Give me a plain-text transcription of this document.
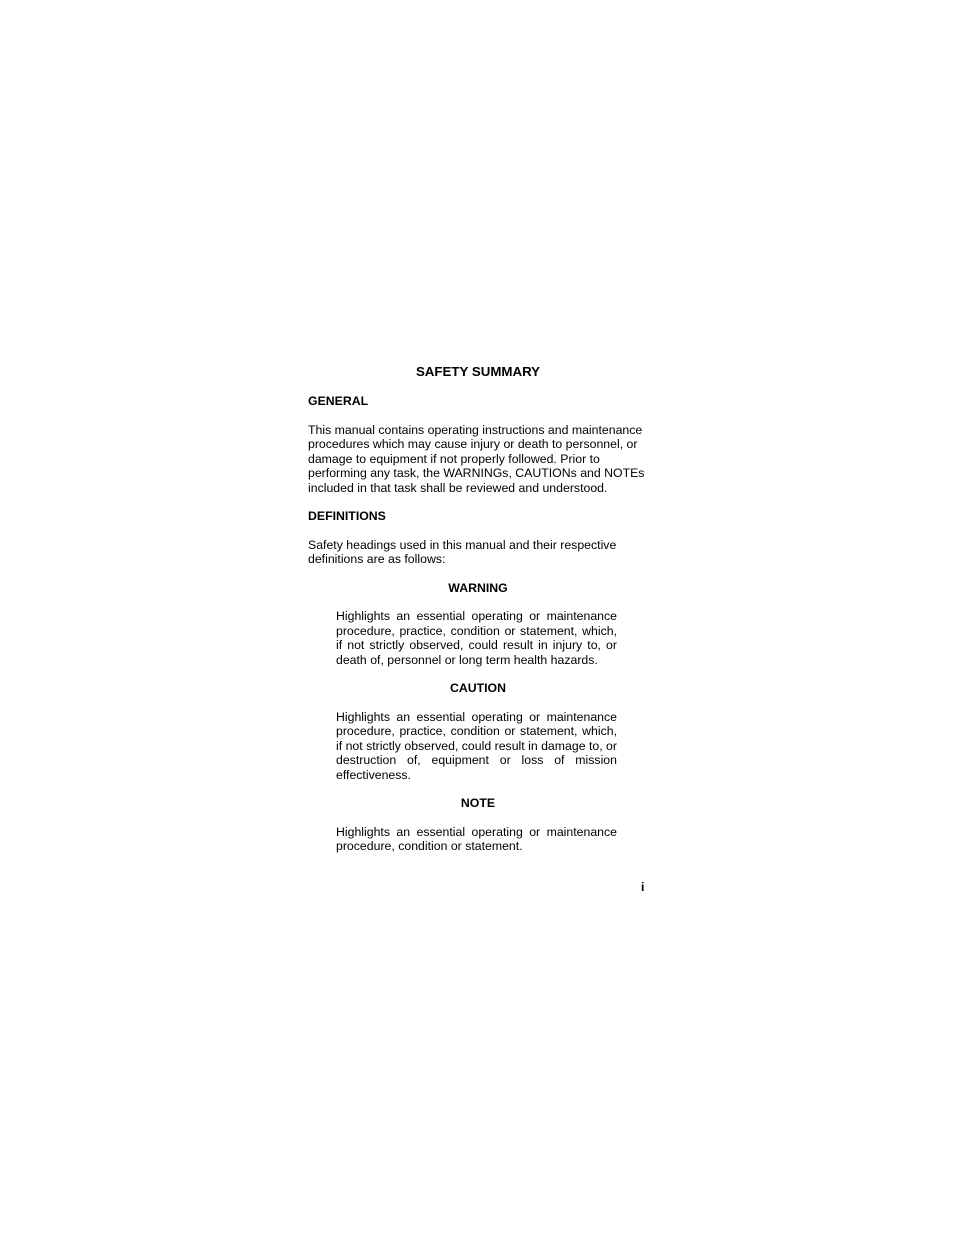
SAFETY SUMMARY
GENERAL
This manual contains operating instructions and maintenance procedures which may cause injury or death to personnel, or damage to equipment if not properly followed. Prior to performing any task, the WARNINGs, CAUTIONs and NOTEs included in that task shall be reviewed and understood.
DEFINITIONS
Safety headings used in this manual and their respective definitions are as follows:
WARNING
Highlights an essential operating or maintenance procedure, practice, condition or statement, which, if not strictly observed, could result in injury to, or death of, personnel or long term health hazards.
CAUTION
Highlights an essential operating or maintenance procedure, practice, condition or statement, which, if not strictly observed, could result in damage to, or destruction of, equipment or loss of mission effectiveness.
NOTE
Highlights an essential operating or maintenance procedure, condition or statement.
i
